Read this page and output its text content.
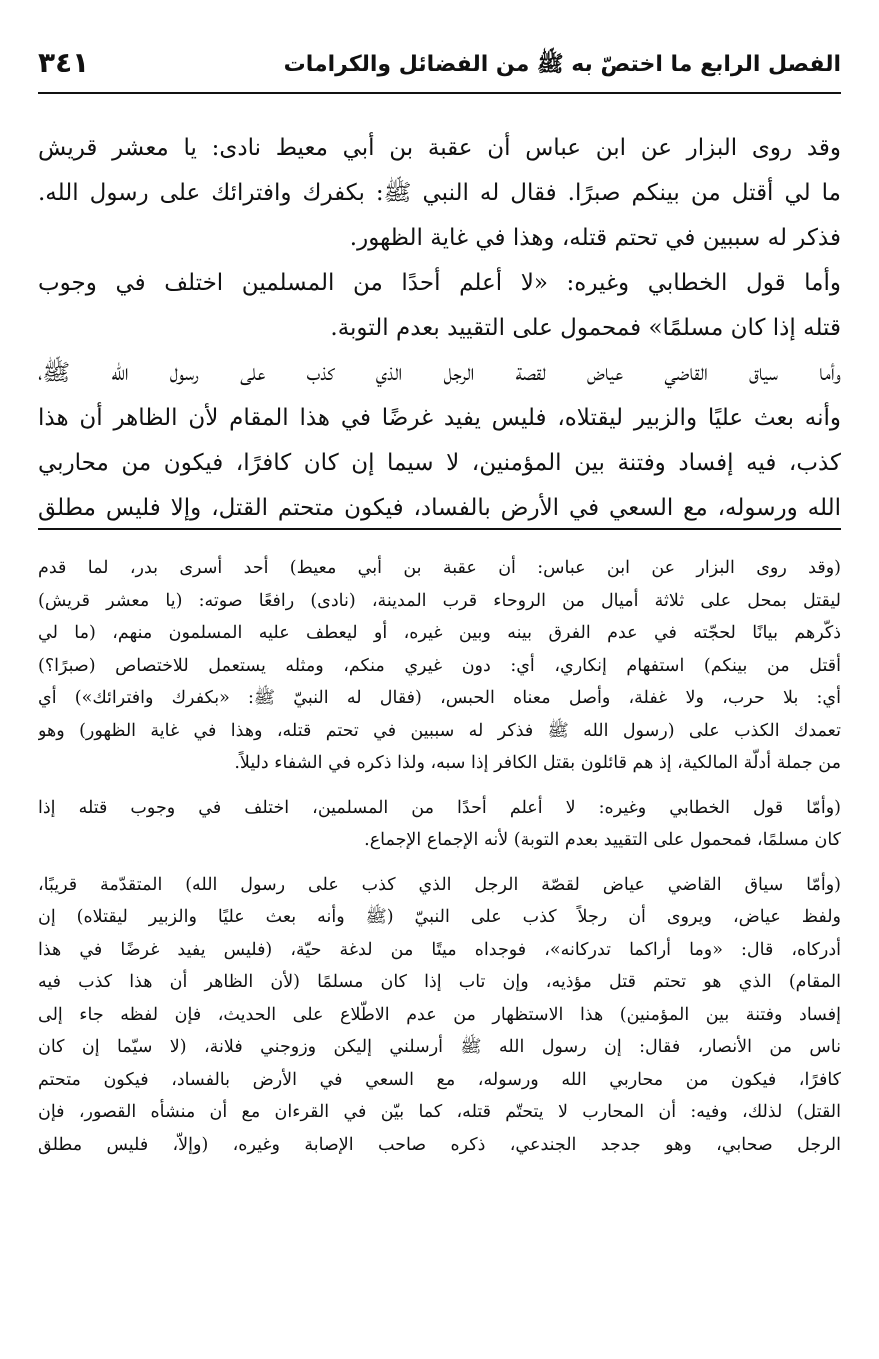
الفصل الرابع ما اختصّ به ﷺ من الفضائل والكرامات
٣٤١
وقد روى البزار عن ابن عباس أن عقبة بن أبي معيط نادى: يا معشر قريش
ما لي أقتل من بينكم صبرًا. فقال له النبي ﷺ: بكفرك وافترائك على رسول الله.
فذكر له سببين في تحتم قتله، وهذا في غاية الظهور.
وأما قول الخطابي وغيره: «لا أعلم أحدًا من المسلمين اختلف في وجوب
قتله إذا كان مسلمًا» فمحمول على التقييد بعدم التوبة.
وأما سياق القاضي عياض لقصة الرجل الذي كذب على رسول الله ﷺ،
وأنه بعث عليًا والزبير ليقتلاه، فليس يفيد غرضًا في هذا المقام لأن الظاهر أن هذا
كذب، فيه إفساد وفتنة بين المؤمنين، لا سيما إن كان كافرًا، فيكون من محاربي
الله ورسوله، مع السعي في الأرض بالفساد، فيكون متحتم القتل، وإلا فليس مطلق
(وقد روى البزار عن ابن عباس: أن عقبة بن أبي معيط) أحد أسرى بدر، لما قدم
ليقتل بمحل على ثلاثة أميال من الروحاء قرب المدينة، (نادى) رافعًا صوته: (يا معشر قريش)
ذكّرهم بيانًا لحجّته في عدم الفرق بينه وبين غيره، أو ليعطف عليه المسلمون منهم، (ما لي
أقتل من بينكم) استفهام إنكاري، أي: دون غيري منكم، ومثله يستعمل للاختصاص (صبرًا؟)
أي: بلا حرب، ولا غفلة، وأصل معناه الحبس، (فقال له النبيّ ﷺ: «بكفرك وافترائك») أي
تعمدك الكذب على (رسول الله ﷺ فذكر له سببين في تحتم قتله، وهذا في غاية الظهور) وهو
من جملة أدلّة المالكية، إذ هم قائلون بقتل الكافر إذا سبه، ولذا ذكره في الشفاء دليلاً.
(وأمّا قول الخطابي وغيره: لا أعلم أحدًا من المسلمين، اختلف في وجوب قتله إذا
كان مسلمًا، فمحمول على التقييد بعدم التوبة) لأنه الإجماع الإجماع.
(وأمّا سياق القاضي عياض لقصّة الرجل الذي كذب على رسول الله) المتقدّمة قريبًا،
ولفظ عياض، ويروى أن رجلاً كذب على النبيّ (ﷺ وأنه بعث عليًا والزبير ليقتلاه) إن
أدركاه، قال: «وما أراكما تدركانه»، فوجداه ميتًا من لدغة حيّة، (فليس يفيد غرضًا في هذا
المقام) الذي هو تحتم قتل مؤذيه، وإن تاب إذا كان مسلمًا (لأن الظاهر أن هذا كذب فيه
إفساد وفتنة بين المؤمنين) هذا الاستظهار من عدم الاطّلاع على الحديث، فإن لفظه جاء إلى
ناس من الأنصار، فقال: إن رسول الله ﷺ أرسلني إليكن وزوجني فلانة، (لا سيّما إن كان
كافرًا، فيكون من محاربي الله ورسوله، مع السعي في الأرض بالفساد، فيكون متحتم
القتل) لذلك، وفيه: أن المحارب لا يتحتّم قتله، كما بيّن في القرءان مع أن منشأه القصور، فإن
الرجل صحابي، وهو جدجد الجندعي، ذكره صاحب الإصابة وغيره، (وإلاّ، فليس مطلق
